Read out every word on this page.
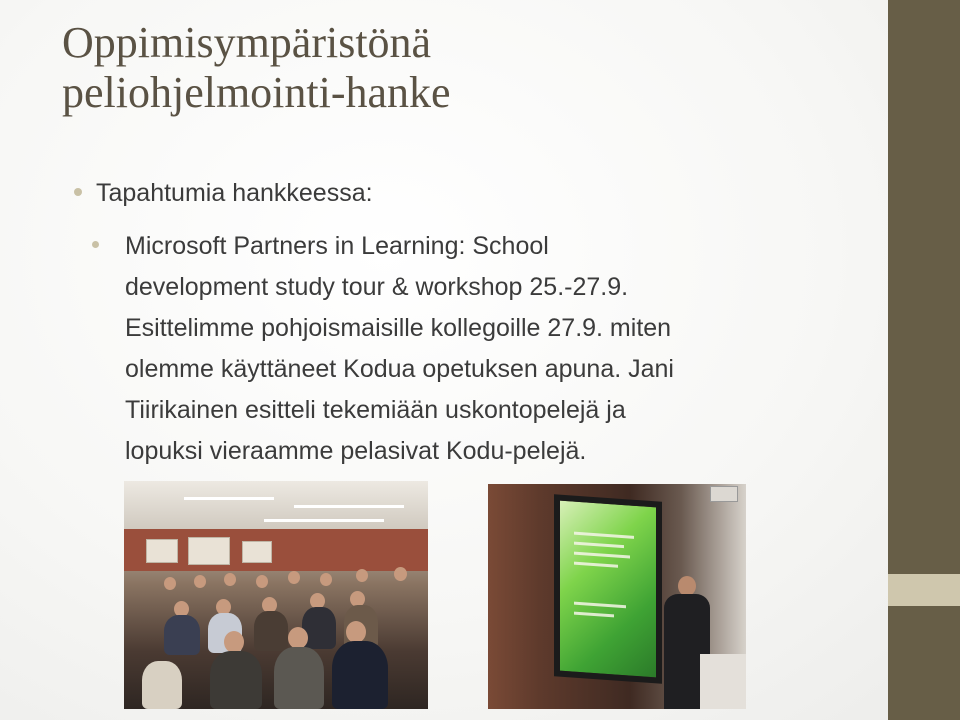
Oppimisympäristönä
peliohjelmointi-hanke
Tapahtumia hankkeessa:
Microsoft Partners in Learning: School
development study tour & workshop 25.-27.9.
Esittelimme pohjoismaisille kollegoille 27.9. miten
olemme käyttäneet Kodua opetuksen apuna. Jani
Tiirikainen esitteli tekemiään uskontopelejä ja
lopuksi vieraamme pelasivat Kodu-pelejä.
